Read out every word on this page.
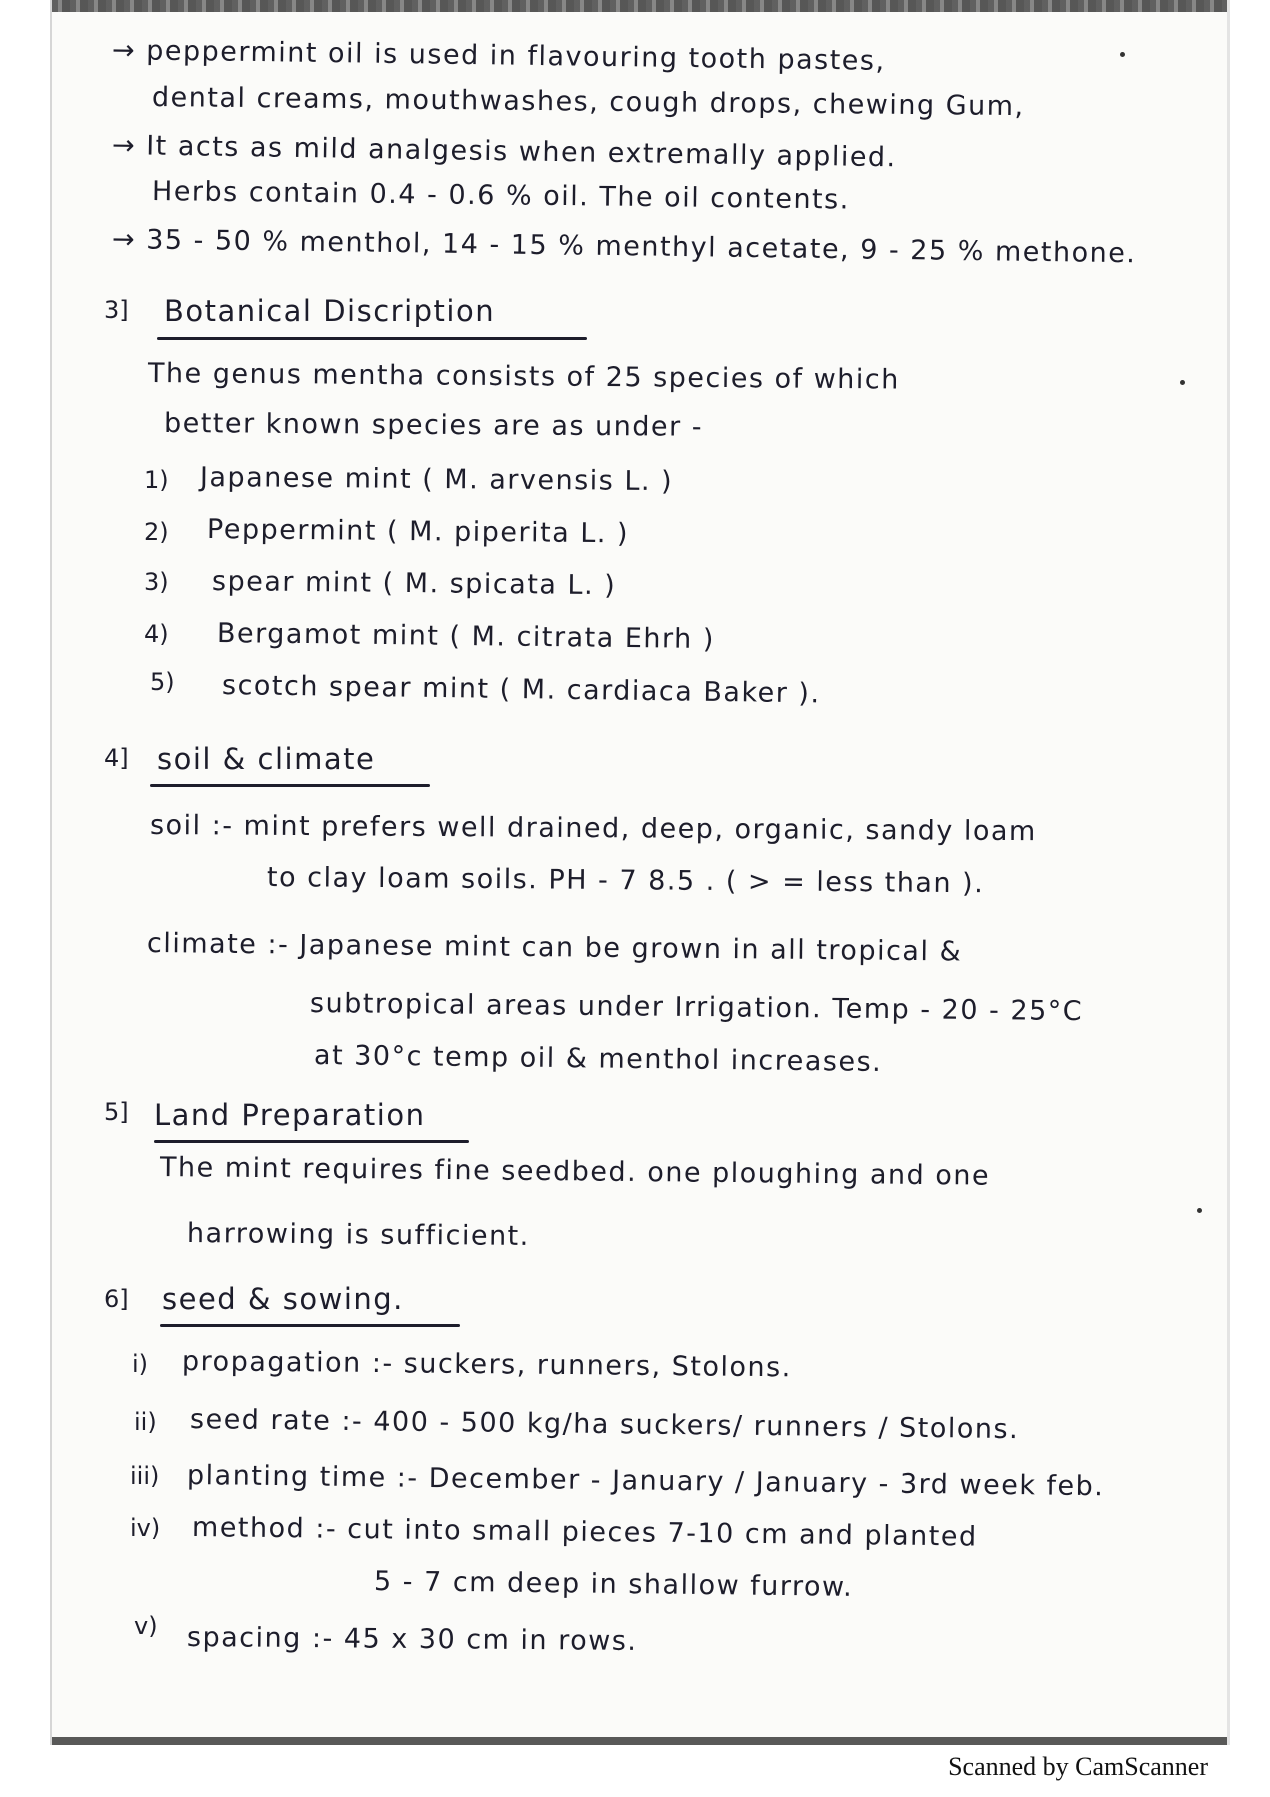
→ peppermint oil is used in flavouring tooth pastes,
dental creams, mouthwashes, cough drops, chewing Gum,
→ It acts as mild analgesis when extremally applied.
Herbs contain 0.4 - 0.6 % oil. The oil contents.
→ 35 - 50 % menthol, 14 - 15 % menthyl acetate, 9 - 25 % methone.
3] Botanical Discription
The genus mentha consists of 25 species of which
better known species are as under -
1) Japanese mint ( M. arvensis L. )
2) Peppermint ( M. piperita L. )
3) spear mint ( M. spicata L. )
4) Bergamot mint ( M. citrata Ehrh )
5) scotch spear mint ( M. cardiaca Baker ).
4] soil & climate
soil :- mint prefers well drained, deep, organic, sandy loam
to clay loam soils. PH - 7 8.5 . ( > = less than ).
climate :- Japanese mint can be grown in all tropical &
subtropical areas under Irrigation. Temp - 20 - 25°C
at 30°c temp oil & menthol increases.
5] Land Preparation
The mint requires fine seedbed. one ploughing and one
harrowing is sufficient.
6] seed & sowing.
i) propagation :- suckers, runners, Stolons.
ii) seed rate :- 400 - 500 kg/ha suckers/ runners / Stolons.
iii) planting time :- December - January / January - 3rd week feb.
iv) method :- cut into small pieces 7-10 cm and planted
5 - 7 cm deep in shallow furrow.
v) spacing :- 45 x 30 cm in rows.
Scanned by CamScanner
